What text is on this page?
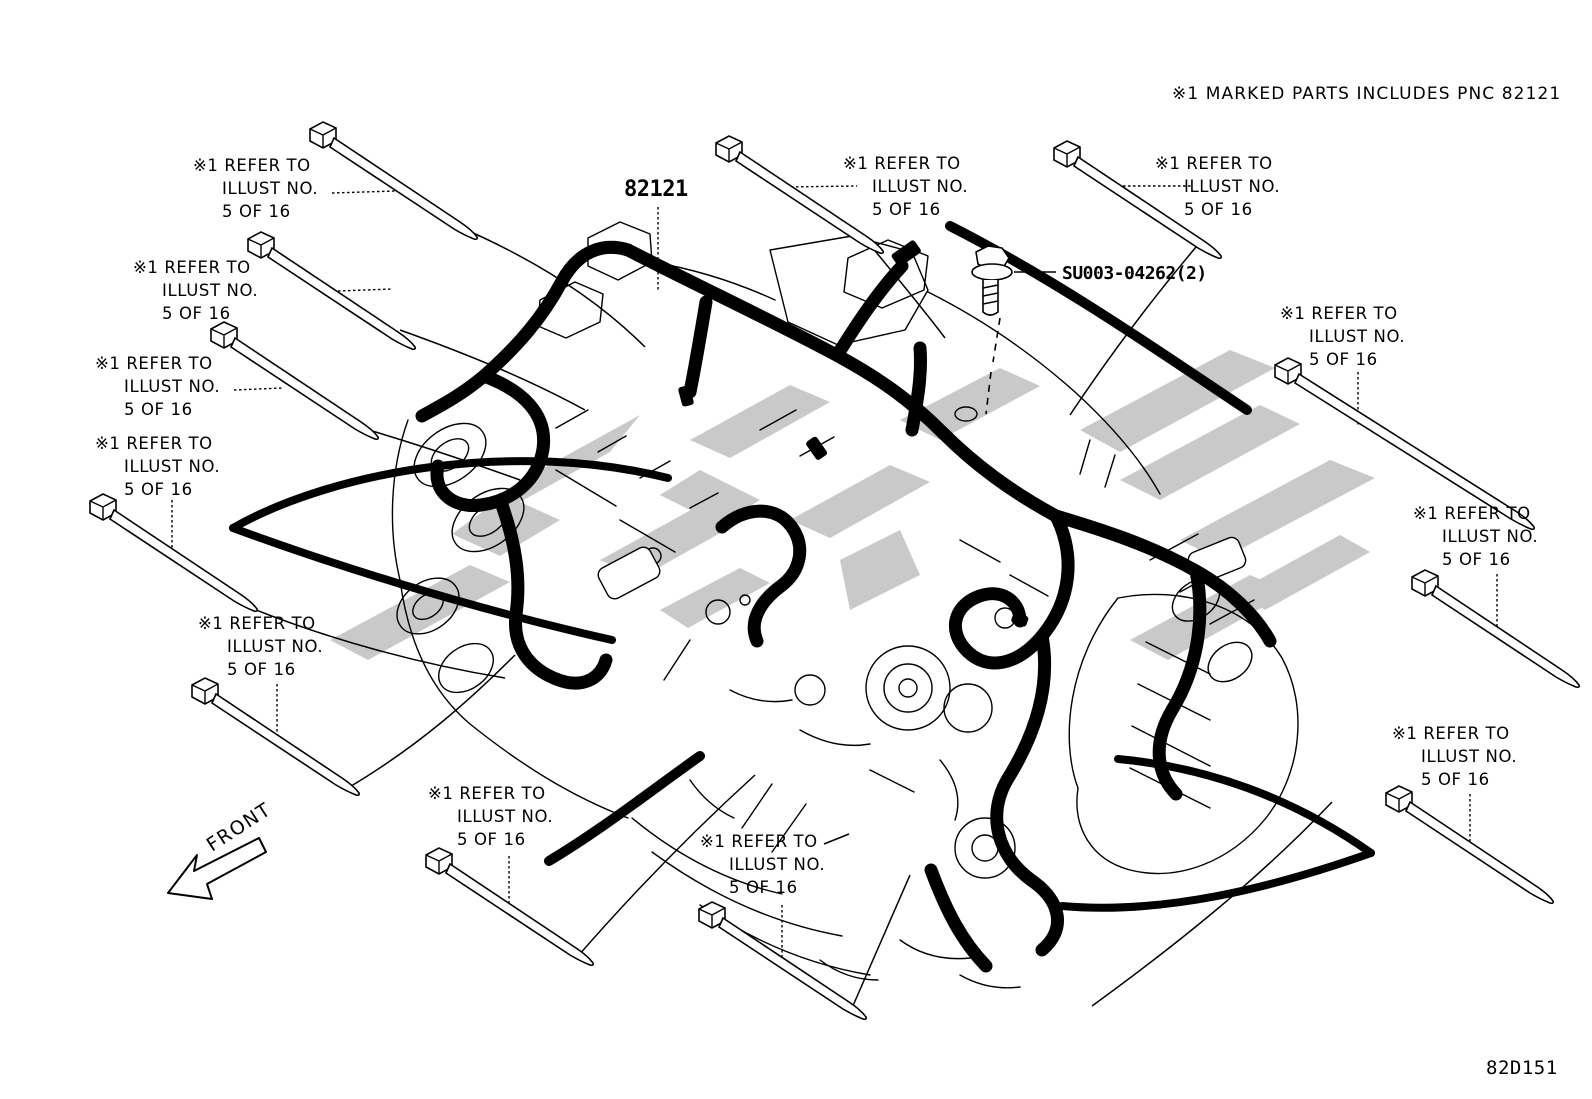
FRONT
※1 MARKED PARTS INCLUDES PNC 82121
82121
SU003-04262(2)
82D151
※1 REFER TO
ILLUST NO.
5 OF 16
※1 REFER TO
ILLUST NO.
5 OF 16
※1 REFER TO
ILLUST NO.
5 OF 16
※1 REFER TO
ILLUST NO.
5 OF 16
※1 REFER TO
ILLUST NO.
5 OF 16
※1 REFER TO
ILLUST NO.
5 OF 16	※1 REFER TO
ILLUST NO.
5 OF 16
※1 REFER TO
ILLUST NO.
5 OF 16
※1 REFER TO
ILLUST NO.
5 OF 16
※1 REFER TO
ILLUST NO.
5 OF 16
※1 REFER TO
ILLUST NO.
5 OF 16
※1 REFER TO
ILLUST NO.
5 OF 16
